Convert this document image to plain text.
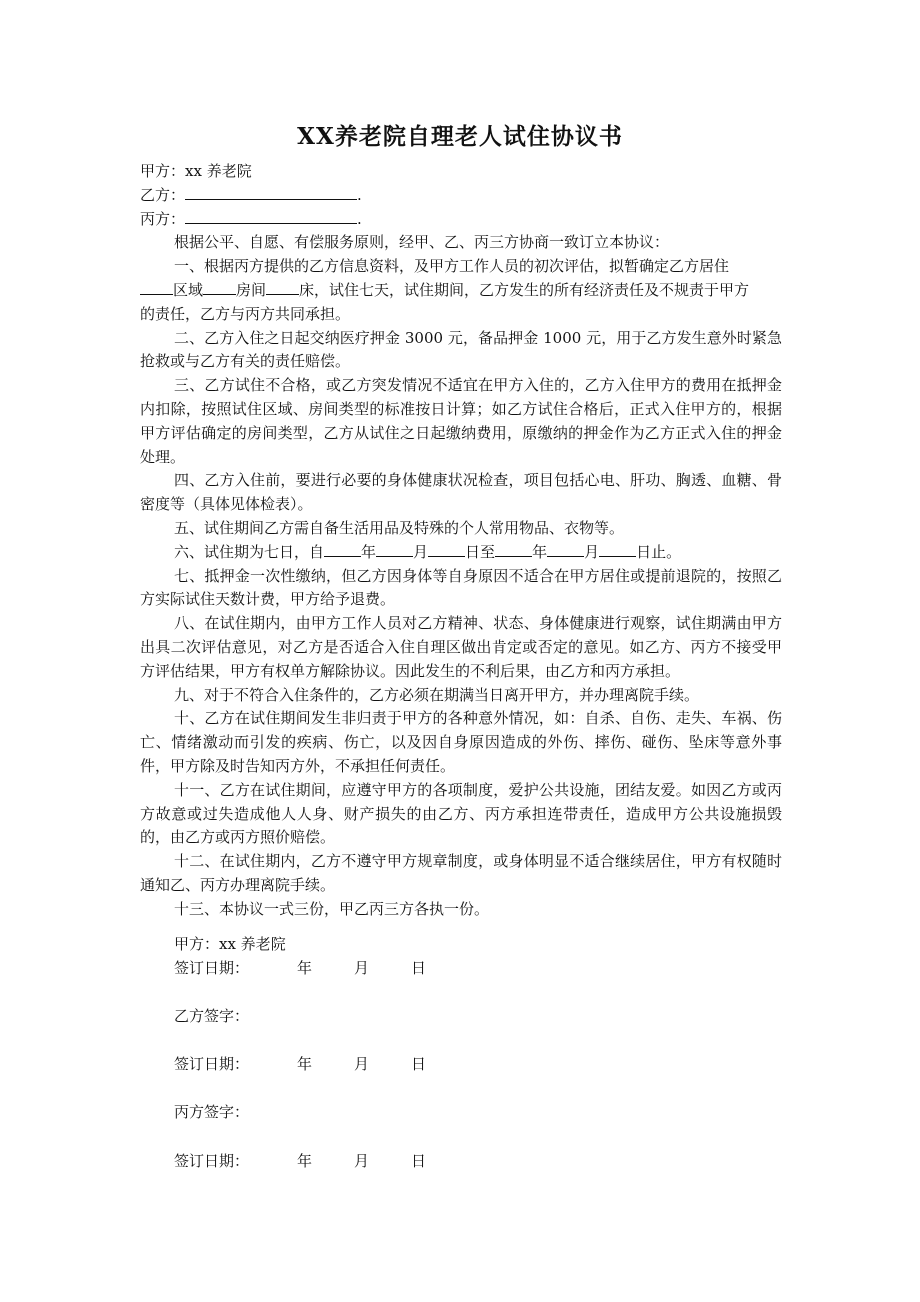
XX养老院自理老人试住协议书
甲方：xx 养老院
乙方：	.
丙方：	.
根据公平、自愿、有偿服务原则，经甲、乙、丙三方协商一致订立本协议：
一、根据丙方提供的乙方信息资料，及甲方工作人员的初次评估，拟暂确定乙方居住
区域 房间 床，试住七天，试住期间，乙方发生的所有经济责任及不规责于甲方
的责任，乙方与丙方共同承担。
二、乙方入住之日起交纳医疗押金 3000 元，备品押金 1000 元，用于乙方发生意外时紧急抢救或与乙方有关的责任赔偿。
三、乙方试住不合格，或乙方突发情况不适宜在甲方入住的，乙方入住甲方的费用在抵押金内扣除，按照试住区域、房间类型的标准按日计算；如乙方试住合格后，正式入住甲方的，根据甲方评估确定的房间类型，乙方从试住之日起缴纳费用，原缴纳的押金作为乙方正式入住的押金处理。
四、乙方入住前，要进行必要的身体健康状况检查，项目包括心电、肝功、胸透、血糖、骨密度等（具体见体检表）。
五、试住期间乙方需自备生活用品及特殊的个人常用物品、衣物等。
六、试住期为七日，自 年 月 日至 年 月 日止。
七、抵押金一次性缴纳，但乙方因身体等自身原因不适合在甲方居住或提前退院的，按照乙方实际试住天数计费，甲方给予退费。
八、在试住期内，由甲方工作人员对乙方精神、状态、身体健康进行观察，试住期满由甲方出具二次评估意见，对乙方是否适合入住自理区做出肯定或否定的意见。如乙方、丙方不接受甲方评估结果，甲方有权单方解除协议。因此发生的不利后果，由乙方和丙方承担。
九、对于不符合入住条件的，乙方必须在期满当日离开甲方，并办理离院手续。
十、乙方在试住期间发生非归责于甲方的各种意外情况，如：自杀、自伤、走失、车祸、伤亡、情绪激动而引发的疾病、伤亡，以及因自身原因造成的外伤、摔伤、碰伤、坠床等意外事件，甲方除及时告知丙方外，不承担任何责任。
十一、乙方在试住期间，应遵守甲方的各项制度，爱护公共设施，团结友爱。如因乙方或丙方故意或过失造成他人人身、财产损失的由乙方、丙方承担连带责任，造成甲方公共设施损毁的，由乙方或丙方照价赔偿。
十二、在试住期内，乙方不遵守甲方规章制度，或身体明显不适合继续居住，甲方有权随时通知乙、丙方办理离院手续。
十三、本协议一式三份，甲乙丙三方各执一份。
甲方：xx 养老院
签订日期：	年	月	日
乙方签字：
签订日期：	年	月	日
丙方签字：
签订日期：	年	月	日
